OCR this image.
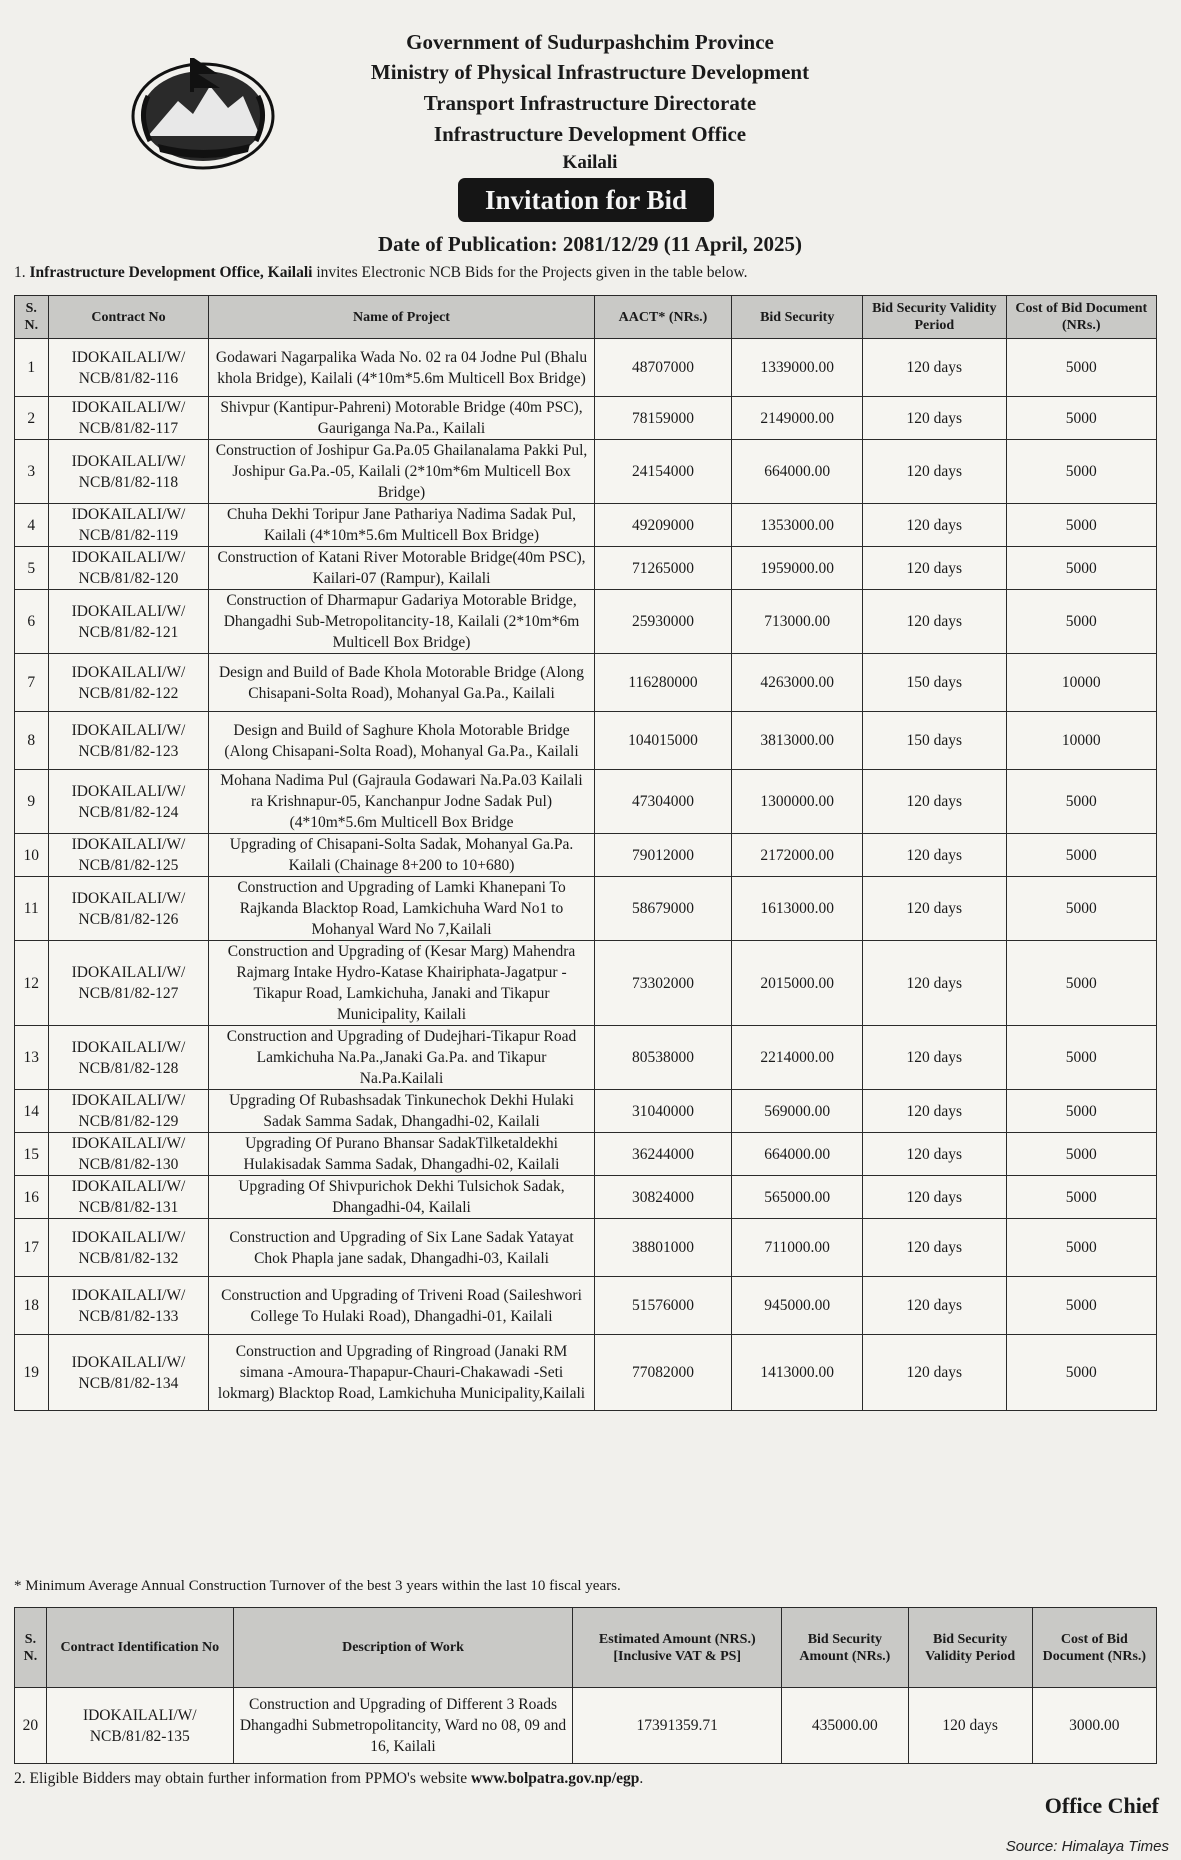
Government of Sudurpashchim Province
Ministry of Physical Infrastructure Development
Transport Infrastructure Directorate
Infrastructure Development Office
Kailali
Invitation for Bid
Date of Publication: 2081/12/29 (11 April, 2025)
1. Infrastructure Development Office, Kailali invites Electronic NCB Bids for the Projects given in the table below.
S. N.	Contract No	Name of Project	AACT* (NRs.)	Bid Security	Bid Security Validity Period	Cost of Bid Document (NRs.)
1	IDOKAILALI/W/ NCB/81/82-116	Godawari Nagarpalika Wada No. 02 ra 04 Jodne Pul (Bhalu khola Bridge), Kailali (4*10m*5.6m Multicell Box Bridge)	48707000	1339000.00	120 days	5000
2	IDOKAILALI/W/ NCB/81/82-117	Shivpur (Kantipur-Pahreni) Motorable Bridge (40m PSC), Gauriganga Na.Pa., Kailali	78159000	2149000.00	120 days	5000
3	IDOKAILALI/W/ NCB/81/82-118	Construction of Joshipur Ga.Pa.05 Ghailanalama Pakki Pul, Joshipur Ga.Pa.-05, Kailali (2*10m*6m Multicell Box Bridge)	24154000	664000.00	120 days	5000
4	IDOKAILALI/W/ NCB/81/82-119	Chuha Dekhi Toripur Jane Pathariya Nadima Sadak Pul, Kailali (4*10m*5.6m Multicell Box Bridge)	49209000	1353000.00	120 days	5000
5	IDOKAILALI/W/ NCB/81/82-120	Construction of Katani River Motorable Bridge(40m PSC), Kailari-07 (Rampur), Kailali	71265000	1959000.00	120 days	5000
6	IDOKAILALI/W/ NCB/81/82-121	Construction of Dharmapur Gadariya Motorable Bridge, Dhangadhi Sub-Metropolitancity-18, Kailali (2*10m*6m Multicell Box Bridge)	25930000	713000.00	120 days	5000
7	IDOKAILALI/W/ NCB/81/82-122	Design and Build of Bade Khola Motorable Bridge (Along Chisapani-Solta Road), Mohanyal Ga.Pa., Kailali	116280000	4263000.00	150 days	10000
8	IDOKAILALI/W/ NCB/81/82-123	Design and Build of Saghure Khola Motorable Bridge (Along Chisapani-Solta Road), Mohanyal Ga.Pa., Kailali	104015000	3813000.00	150 days	10000
9	IDOKAILALI/W/ NCB/81/82-124	Mohana Nadima Pul (Gajraula Godawari Na.Pa.03 Kailali ra Krishnapur-05, Kanchanpur Jodne Sadak Pul) (4*10m*5.6m Multicell Box Bridge	47304000	1300000.00	120 days	5000
10	IDOKAILALI/W/ NCB/81/82-125	Upgrading of Chisapani-Solta Sadak, Mohanyal Ga.Pa. Kailali (Chainage 8+200 to 10+680)	79012000	2172000.00	120 days	5000
11	IDOKAILALI/W/ NCB/81/82-126	Construction and Upgrading of Lamki Khanepani To Rajkanda Blacktop Road, Lamkichuha Ward No1 to Mohanyal Ward No 7,Kailali	58679000	1613000.00	120 days	5000
12	IDOKAILALI/W/ NCB/81/82-127	Construction and Upgrading of (Kesar Marg) Mahendra Rajmarg Intake Hydro-Katase Khairiphata-Jagatpur -Tikapur Road, Lamkichuha, Janaki and Tikapur Municipality, Kailali	73302000	2015000.00	120 days	5000
13	IDOKAILALI/W/ NCB/81/82-128	Construction and Upgrading of Dudejhari-Tikapur Road Lamkichuha Na.Pa.,Janaki Ga.Pa. and Tikapur Na.Pa.Kailali	80538000	2214000.00	120 days	5000
14	IDOKAILALI/W/ NCB/81/82-129	Upgrading Of Rubashsadak Tinkunechok Dekhi Hulaki Sadak Samma Sadak, Dhangadhi-02, Kailali	31040000	569000.00	120 days	5000
15	IDOKAILALI/W/ NCB/81/82-130	Upgrading Of Purano Bhansar SadakTilketaldekhi Hulakisadak Samma Sadak, Dhangadhi-02, Kailali	36244000	664000.00	120 days	5000
16	IDOKAILALI/W/ NCB/81/82-131	Upgrading Of Shivpurichok Dekhi Tulsichok Sadak, Dhangadhi-04, Kailali	30824000	565000.00	120 days	5000
17	IDOKAILALI/W/ NCB/81/82-132	Construction and Upgrading of Six Lane Sadak Yatayat Chok Phapla jane sadak, Dhangadhi-03, Kailali	38801000	711000.00	120 days	5000
18	IDOKAILALI/W/ NCB/81/82-133	Construction and Upgrading of Triveni Road (Saileshwori College To Hulaki Road), Dhangadhi-01, Kailali	51576000	945000.00	120 days	5000
19	IDOKAILALI/W/ NCB/81/82-134	Construction and Upgrading of Ringroad (Janaki RM simana -Amoura-Thapapur-Chauri-Chakawadi -Seti lokmarg) Blacktop Road, Lamkichuha Municipality,Kailali	77082000	1413000.00	120 days	5000
* Minimum Average Annual Construction Turnover of the best 3 years within the last 10 fiscal years.
S. N.	Contract Identification No	Description of Work	Estimated Amount (NRS.) [Inclusive VAT & PS]	Bid Security Amount (NRs.)	Bid Security Validity Period	Cost of Bid Document (NRs.)
20	IDOKAILALI/W/ NCB/81/82-135	Construction and Upgrading of Different 3 Roads Dhangadhi Submetropolitancity, Ward no 08, 09 and 16, Kailali	17391359.71	435000.00	120 days	3000.00
2. Eligible Bidders may obtain further information from PPMO's website www.bolpatra.gov.np/egp.
Office Chief
Source: Himalaya Times
